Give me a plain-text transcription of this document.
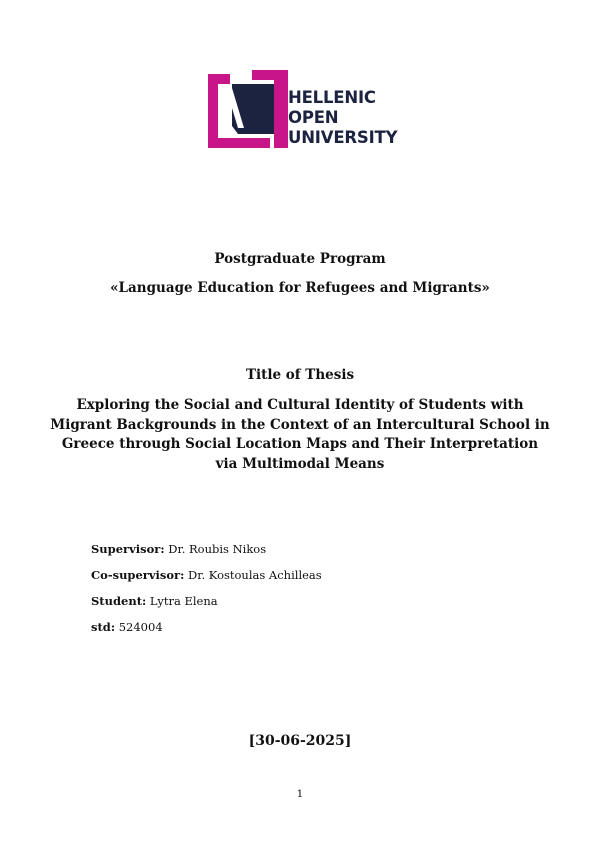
HELLENIC
OPEN
UNIVERSITY
Postgraduate Program
«Language Education for Refugees and Migrants»
Title of Thesis
Exploring the Social and Cultural Identity of Students with
Migrant Backgrounds in the Context of an Intercultural School in
Greece through Social Location Maps and Their Interpretation
via Multimodal Means
Supervisor: Dr. Roubis Nikos
Co-supervisor: Dr. Kostoulas Achilleas
Student: Lytra Elena
std: 524004
[30-06-2025]
1
